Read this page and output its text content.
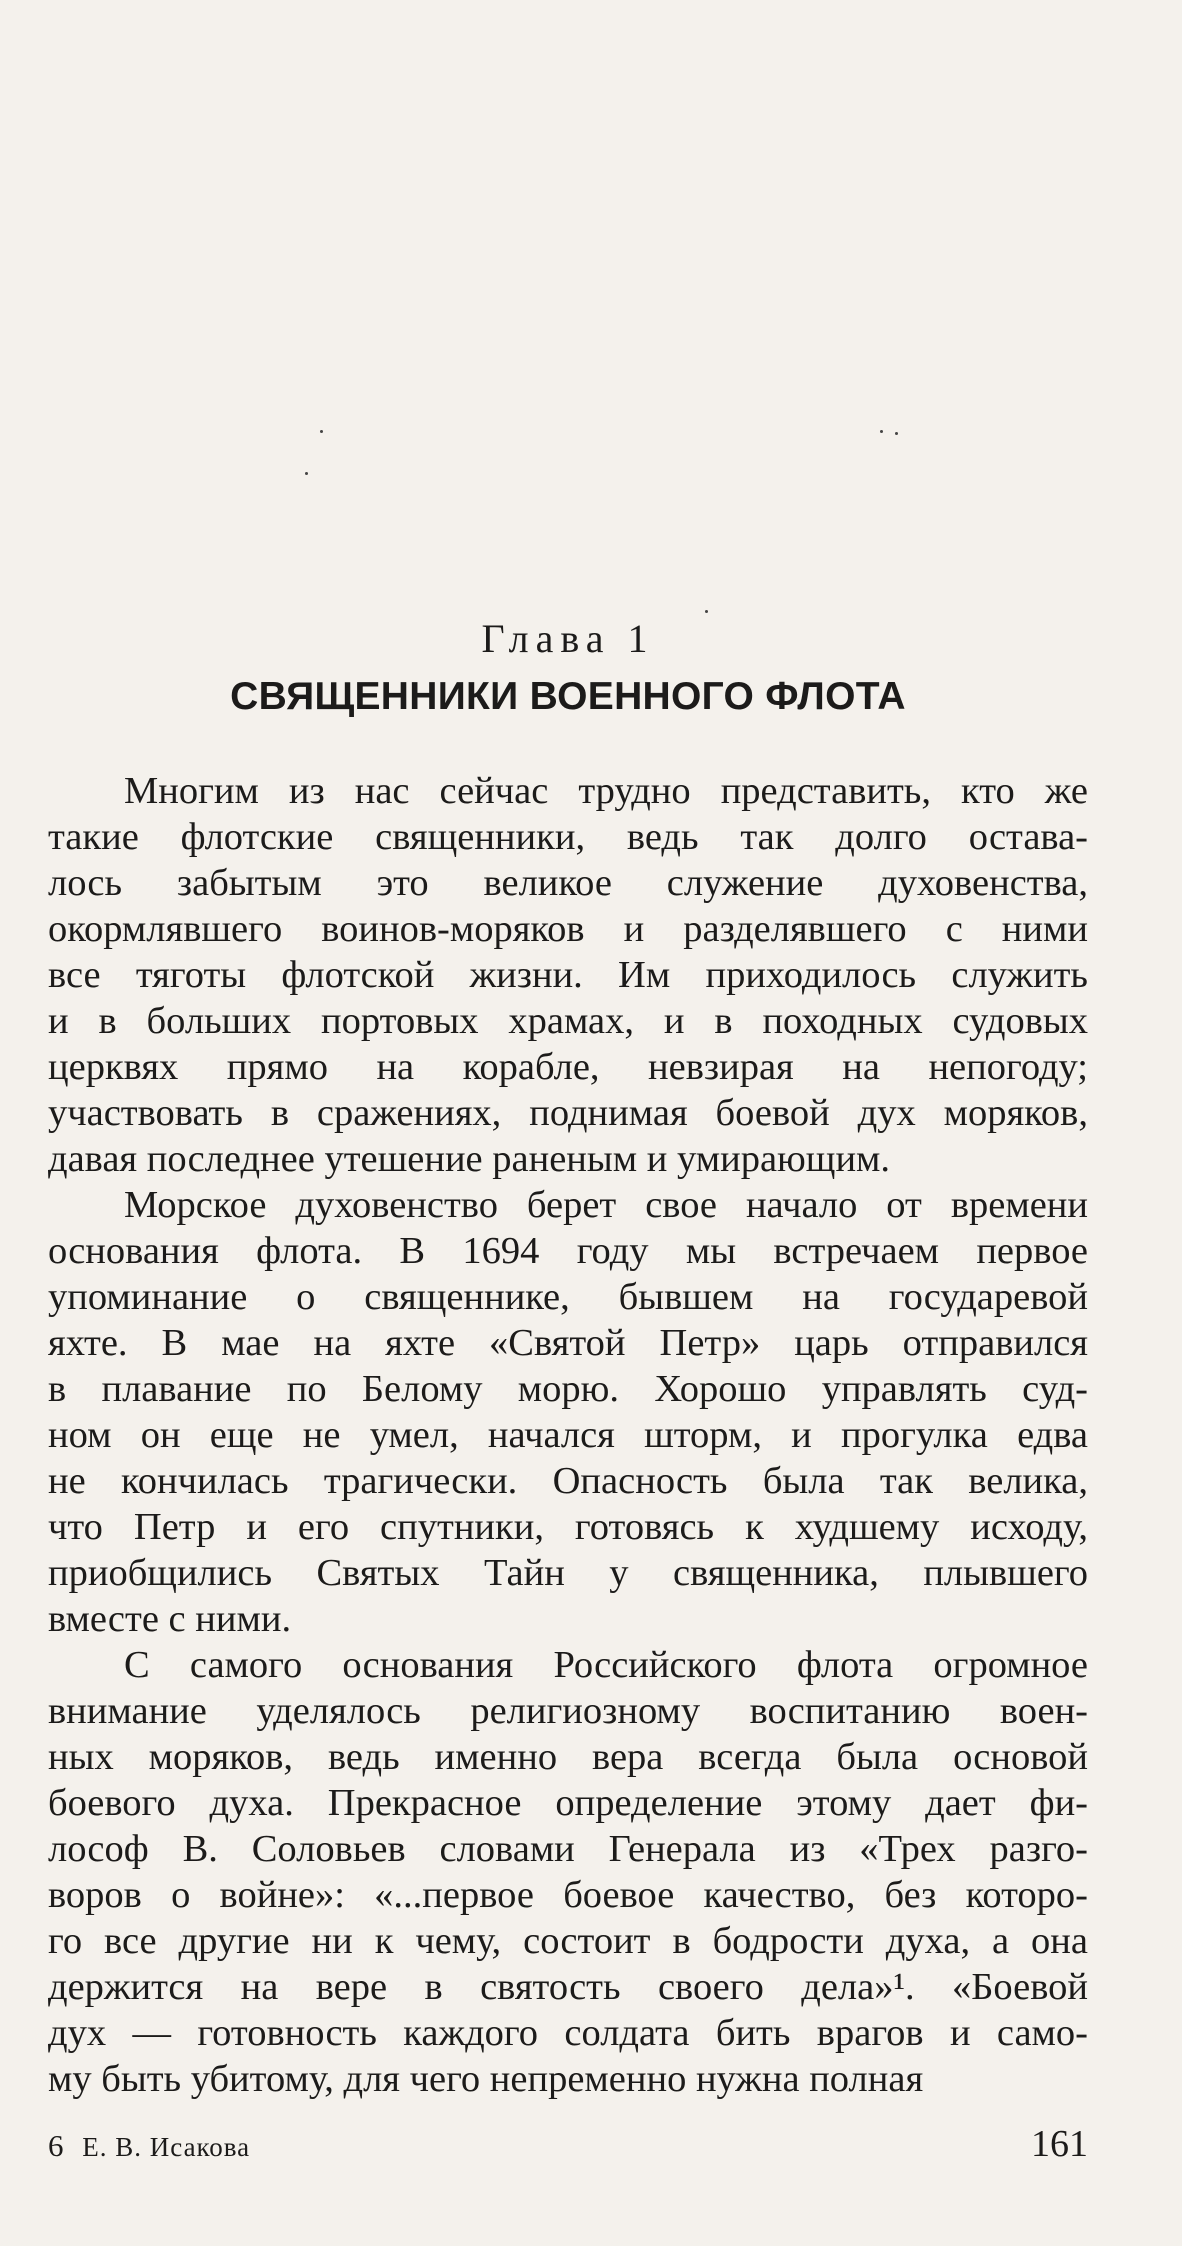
Глава 1
СВЯЩЕННИКИ ВОЕННОГО ФЛОТА
Многим из нас сейчас трудно представить, кто же
такие флотские священники, ведь так долго остава-
лось забытым это великое служение духовенства,
окормлявшего воинов-моряков и разделявшего с ними
все тяготы флотской жизни. Им приходилось служить
и в больших портовых храмах, и в походных судовых
церквях прямо на корабле, невзирая на непогоду;
участвовать в сражениях, поднимая боевой дух моряков,
давая последнее утешение раненым и умирающим.
Морское духовенство берет свое начало от времени
основания флота. В 1694 году мы встречаем первое
упоминание о священнике, бывшем на государевой
яхте. В мае на яхте «Святой Петр» царь отправился
в плавание по Белому морю. Хорошо управлять суд-
ном он еще не умел, начался шторм, и прогулка едва
не кончилась трагически. Опасность была так велика,
что Петр и его спутники, готовясь к худшему исходу,
приобщились Святых Тайн у священника, плывшего
вместе с ними.
С самого основания Российского флота огромное
внимание уделялось религиозному воспитанию воен-
ных моряков, ведь именно вера всегда была основой
боевого духа. Прекрасное определение этому дает фи-
лософ В. Соловьев словами Генерала из «Трех разго-
воров о войне»: «...первое боевое качество, без которо-
го все другие ни к чему, состоит в бодрости духа, а она
держится на вере в святость своего дела»¹. «Боевой
дух — готовность каждого солдата бить врагов и само-
му быть убитому, для чего непременно нужна полная
6 Е. В. Исакова	161
